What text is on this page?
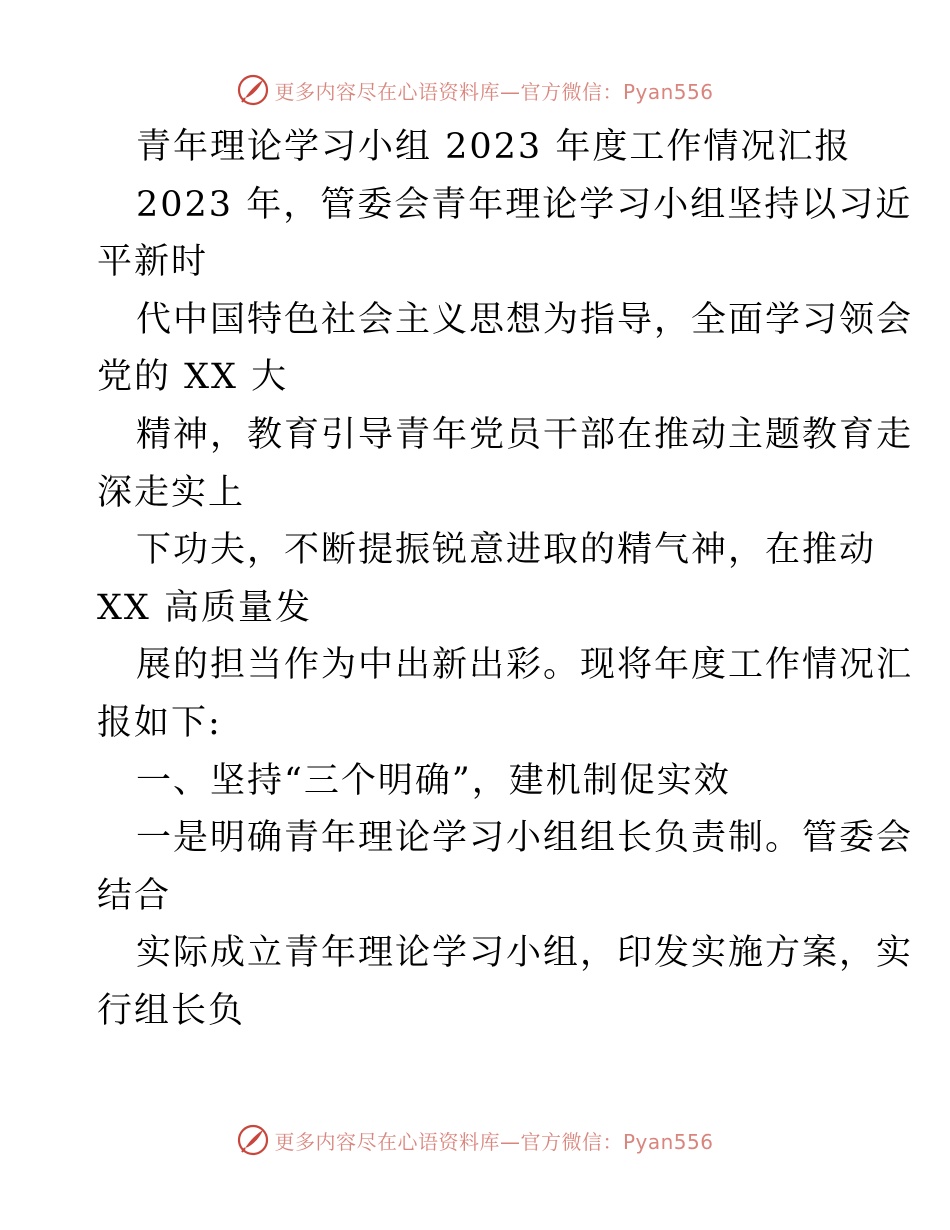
更多内容尽在心语资料库—官方微信：Pyan556
青年理论学习小组 2023 年度工作情况汇报
2023 年，管委会青年理论学习小组坚持以习近
平新时
代中国特色社会主义思想为指导，全面学习领会
党的 XX 大
精神，教育引导青年党员干部在推动主题教育走
深走实上
下功夫，不断提振锐意进取的精气神，在推动
XX 高质量发
展的担当作为中出新出彩。现将年度工作情况汇
报如下:
一、坚持“三个明确”，建机制促实效
一是明确青年理论学习小组组长负责制。管委会
结合
实际成立青年理论学习小组，印发实施方案，实
行组长负
更多内容尽在心语资料库—官方微信：Pyan556
